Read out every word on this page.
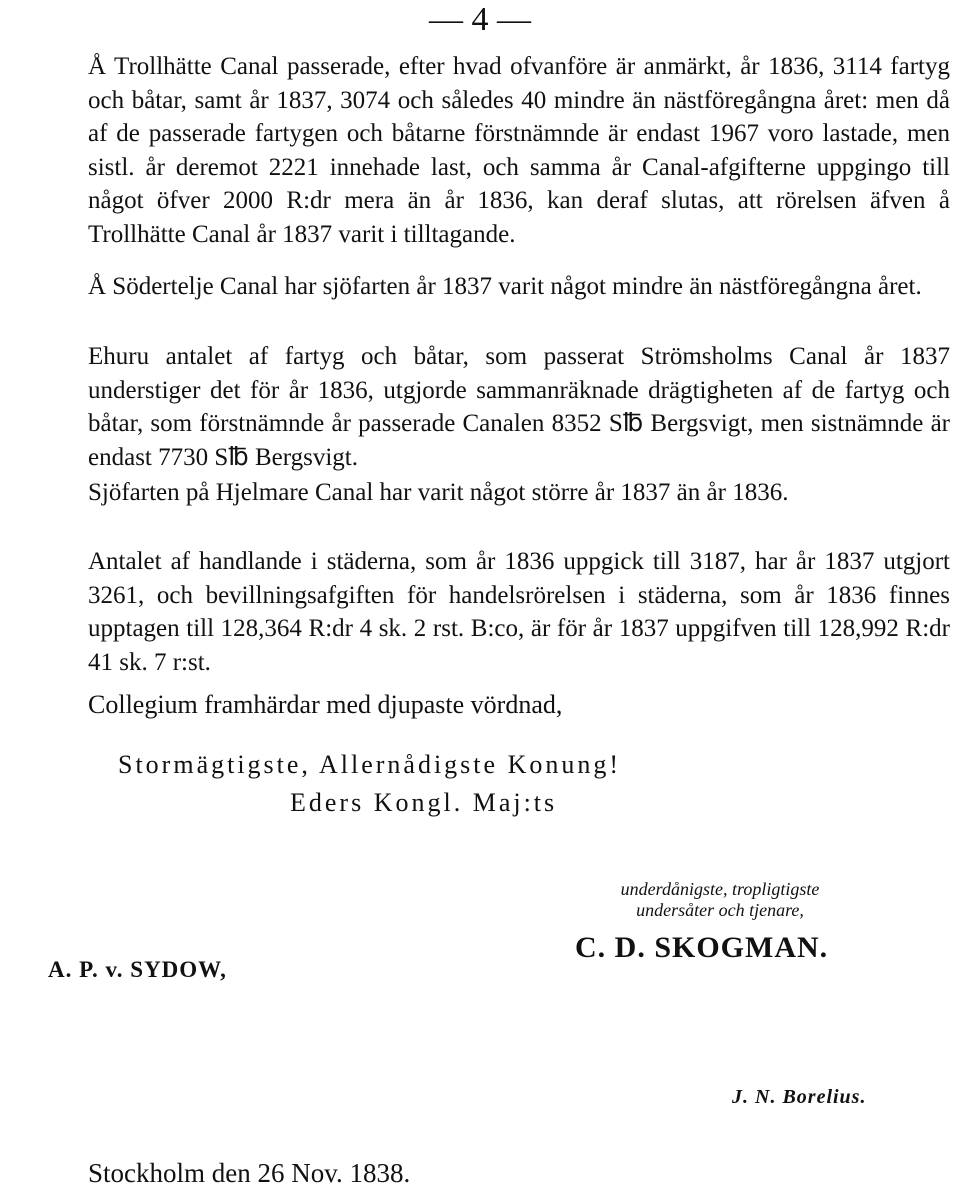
— 4 —

Å Trollhätte Canal passerade, efter hvad ofvanföre är anmärkt, år 1836, 3114 fartyg och båtar, samt år 1837, 3074 och således 40 mindre än nästföregångna året: men då af de passerade fartygen och båtarne förstnämnde är endast 1967 voro lastade, men sistl. år deremot 2221 innehade last, och samma år Canal-afgifterne uppgingo till något öfver 2000 R:dr mera än år 1836, kan deraf slutas, att rörelsen äfven å Trollhätte Canal år 1837 varit i tilltagande.

Å Södertelje Canal har sjöfarten år 1837 varit något mindre än nästföregångna året.

Ehuru antalet af fartyg och båtar, som passerat Strömsholms Canal år 1837 understiger det för år 1836, utgjorde sammanräknade drägtigheten af de fartyg och båtar, som förstnämnde år passerade Canalen 8352 S℔ Bergsvigt, men sistnämnde är endast 7730 S℔ Bergsvigt.

Sjöfarten på Hjelmare Canal har varit något större år 1837 än år 1836.

Antalet af handlande i städerna, som år 1836 uppgick till 3187, har år 1837 utgjort 3261, och bevillningsafgiften för handelsrörelsen i städerna, som år 1836 finnes upptagen till 128,364 R:dr 4 sk. 2 rst. B:co, är för år 1837 uppgifven till 128,992 R:dr 41 sk. 7 r:st.

Collegium framhärdar med djupaste vördnad,
Stormägtigste, Allernådigste Konung!
Eders Kongl. Maj:ts
underdånigste, tropligtigste
undersåter och tjenare,
C. D. SKOGMAN.
A. P. v. SYDOW,
J. N. Borelius.
Stockholm den 26 Nov. 1838.
